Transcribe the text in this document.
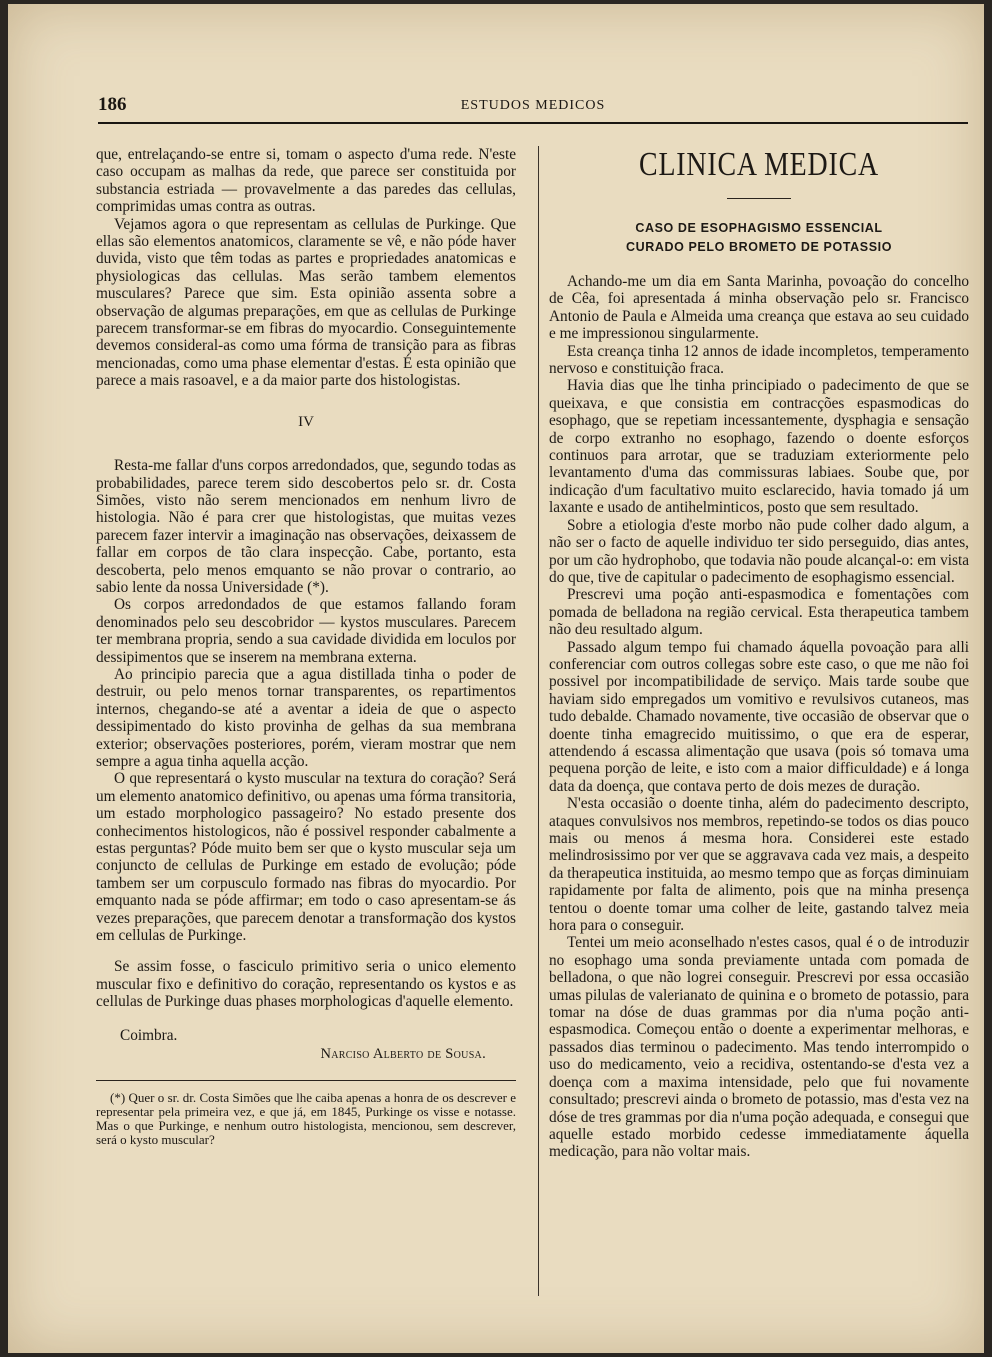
186	ESTUDOS MEDICOS

que, entrelaçando-se entre si, tomam o aspecto d'uma rede. N'este caso occupam as malhas da rede, que parece ser constituida por substancia estriada — provavelmente a das paredes das cellulas, comprimidas umas contra as outras.

Vejamos agora o que representam as cellulas de Purkinge. Que ellas são elementos anatomicos, claramente se vê, e não póde haver duvida, visto que têm todas as partes e propriedades anatomicas e physiologicas das cellulas. Mas serão tambem elementos musculares? Parece que sim. Esta opinião assenta sobre a observação de algumas preparações, em que as cellulas de Purkinge parecem transformar-se em fibras do myocardio. Conseguintemente devemos consideral-as como uma fórma de transição para as fibras mencionadas, como uma phase elementar d'estas. É esta opinião que parece a mais rasoavel, e a da maior parte dos histologistas.

IV

Resta-me fallar d'uns corpos arredondados, que, segundo todas as probabilidades, parece terem sido descobertos pelo sr. dr. Costa Simões, visto não serem mencionados em nenhum livro de histologia. Não é para crer que histologistas, que muitas vezes parecem fazer intervir a imaginação nas observações, deixassem de fallar em corpos de tão clara inspecção. Cabe, portanto, esta descoberta, pelo menos emquanto se não provar o contrario, ao sabio lente da nossa Universidade (*).

Os corpos arredondados de que estamos fallando foram denominados pelo seu descobridor — kystos musculares. Parecem ter membrana propria, sendo a sua cavidade dividida em loculos por dessipimentos que se inserem na membrana externa.

Ao principio parecia que a agua distillada tinha o poder de destruir, ou pelo menos tornar transparentes, os repartimentos internos, chegando-se até a aventar a ideia de que o aspecto dessipimentado do kisto provinha de gelhas da sua membrana exterior; observações posteriores, porém, vieram mostrar que nem sempre a agua tinha aquella acção.

O que representará o kysto muscular na textura do coração? Será um elemento anatomico definitivo, ou apenas uma fórma transitoria, um estado morphologico passageiro? No estado presente dos conhecimentos histologicos, não é possivel responder cabalmente a estas perguntas? Póde muito bem ser que o kysto muscular seja um conjuncto de cellulas de Purkinge em estado de evolução; póde tambem ser um corpusculo formado nas fibras do myocardio. Por emquanto nada se póde affirmar; em todo o caso apresentam-se ás vezes preparações, que parecem denotar a transformação dos kystos em cellulas de Purkinge.

Se assim fosse, o fasciculo primitivo seria o unico elemento muscular fixo e definitivo do coração, representando os kystos e as cellulas de Purkinge duas phases morphologicas d'aquelle elemento.

Coimbra.
Narciso Alberto de Sousa.

(*) Quer o sr. dr. Costa Simões que lhe caiba apenas a honra de os descrever e representar pela primeira vez, e que já, em 1845, Purkinge os visse e notasse. Mas o que Purkinge, e nenhum outro histologista, mencionou, sem descrever, será o kysto muscular?

CLINICA MEDICA
CASO DE ESOPHAGISMO ESSENCIAL
CURADO PELO BROMETO DE POTASSIO

Achando-me um dia em Santa Marinha, povoação do concelho de Cêa, foi apresentada á minha observação pelo sr. Francisco Antonio de Paula e Almeida uma creança que estava ao seu cuidado e me impressionou singularmente.

Esta creança tinha 12 annos de idade incompletos, temperamento nervoso e constituição fraca.

Havia dias que lhe tinha principiado o padecimento de que se queixava, e que consistia em contracções espasmodicas do esophago, que se repetiam incessantemente, dysphagia e sensação de corpo extranho no esophago, fazendo o doente esforços continuos para arrotar, que se traduziam exteriormente pelo levantamento d'uma das commissuras labiaes. Soube que, por indicação d'um facultativo muito esclarecido, havia tomado já um laxante e usado de antihelminticos, posto que sem resultado.

Sobre a etiologia d'este morbo não pude colher dado algum, a não ser o facto de aquelle individuo ter sido perseguido, dias antes, por um cão hydrophobo, que todavia não poude alcançal-o: em vista do que, tive de capitular o padecimento de esophagismo essencial.

Prescrevi uma poção anti-espasmodica e fomentações com pomada de belladona na região cervical. Esta therapeutica tambem não deu resultado algum.

Passado algum tempo fui chamado áquella povoação para alli conferenciar com outros collegas sobre este caso, o que me não foi possivel por incompatibilidade de serviço. Mais tarde soube que haviam sido empregados um vomitivo e revulsivos cutaneos, mas tudo debalde. Chamado novamente, tive occasião de observar que o doente tinha emagrecido muitissimo, o que era de esperar, attendendo á escassa alimentação que usava (pois só tomava uma pequena porção de leite, e isto com a maior difficuldade) e á longa data da doença, que contava perto de dois mezes de duração.

N'esta occasião o doente tinha, além do padecimento descripto, ataques convulsivos nos membros, repetindo-se todos os dias pouco mais ou menos á mesma hora. Considerei este estado melindrosissimo por ver que se aggravava cada vez mais, a despeito da therapeutica instituida, ao mesmo tempo que as forças diminuiam rapidamente por falta de alimento, pois que na minha presença tentou o doente tomar uma colher de leite, gastando talvez meia hora para o conseguir.

Tentei um meio aconselhado n'estes casos, qual é o de introduzir no esophago uma sonda previamente untada com pomada de belladona, o que não logrei conseguir. Prescrevi por essa occasião umas pilulas de valerianato de quinina e o brometo de potassio, para tomar na dóse de duas grammas por dia n'uma poção anti-espasmodica. Começou então o doente a experimentar melhoras, e passados dias terminou o padecimento. Mas tendo interrompido o uso do medicamento, veio a recidiva, ostentando-se d'esta vez a doença com a maxima intensidade, pelo que fui novamente consultado; prescrevi ainda o brometo de potassio, mas d'esta vez na dóse de tres grammas por dia n'uma poção adequada, e consegui que aquelle estado morbido cedesse immediatamente áquella medicação, para não voltar mais.
